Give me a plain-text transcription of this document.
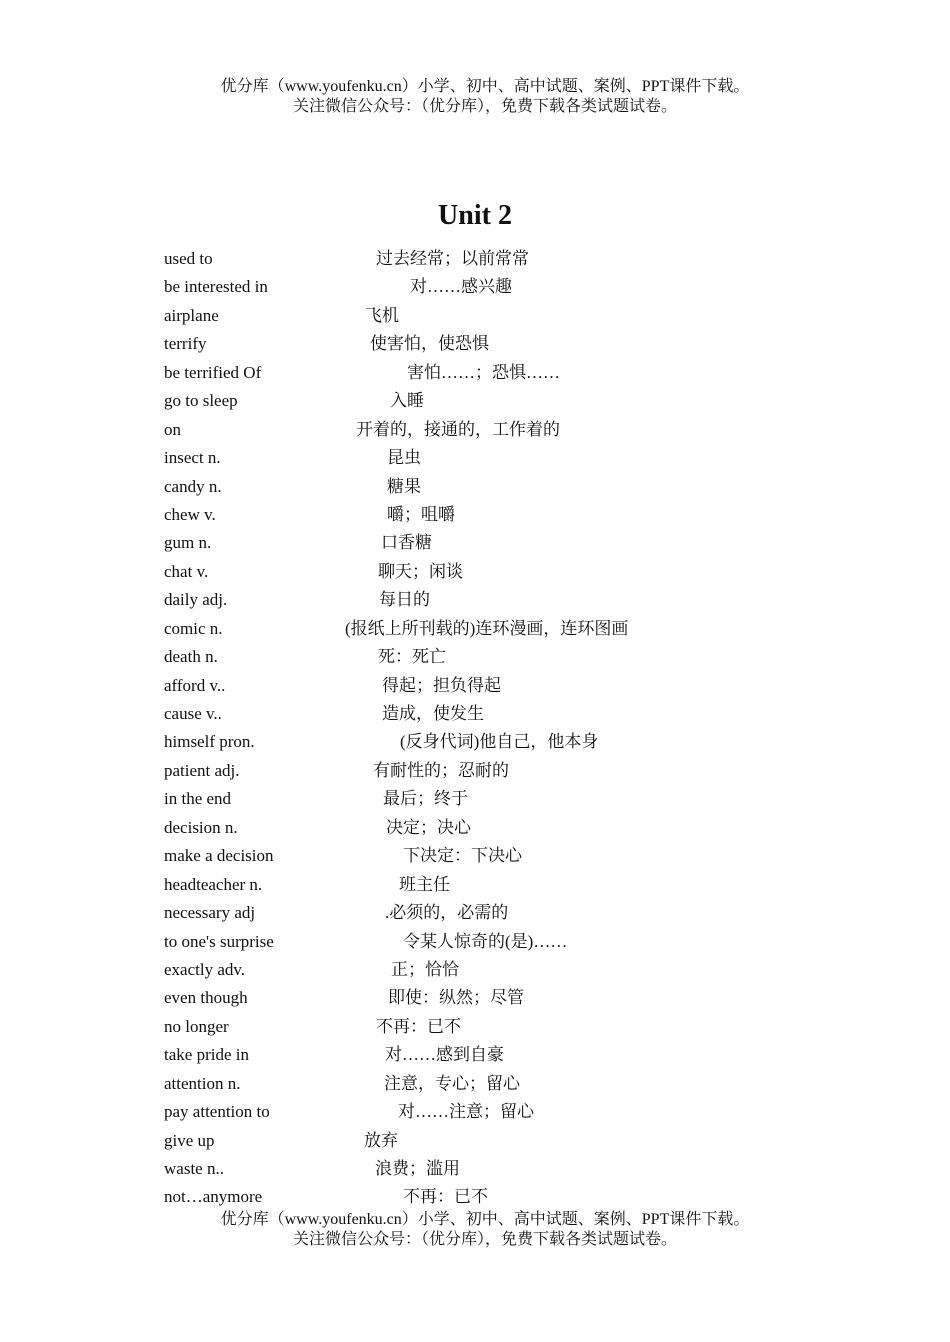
优分库（www.youfenku.cn）小学、初中、高中试题、案例、PPT课件下载。
关注微信公众号：（优分库），免费下载各类试题试卷。
Unit 2
used to	过去经常；以前常常
be interested in	对……感兴趣
airplane	飞机
terrify	使害怕，使恐惧
be terrified Of	害怕……；恐惧……
go to sleep	入睡
on	开着的，接通的，工作着的
insect n.	昆虫
candy n.	糖果
chew v.	嚼；咀嚼
gum n.	口香糖
chat v.	聊天；闲谈
daily adj.	每日的
comic n.	(报纸上所刊载的)连环漫画，连环图画
death n.	死：死亡
afford v..	得起；担负得起
cause v..	造成，使发生
himself pron.	(反身代词)他自己，他本身
patient adj.	有耐性的；忍耐的
in the end	最后；终于
decision n.	决定；决心
make a decision	下决定：下决心
headteacher n.	班主任
necessary adj	.必须的，必需的
to one's surprise	令某人惊奇的(是)……
exactly adv.	正；恰恰
even though	即使：纵然；尽管
no longer	不再：已不
take pride in	对……感到自豪
attention n.	注意，专心；留心
pay attention to	对……注意；留心
give up	放弃
waste n..	浪费；滥用
not…anymore	不再：已不
优分库（www.youfenku.cn）小学、初中、高中试题、案例、PPT课件下载。
关注微信公众号：（优分库），免费下载各类试题试卷。
